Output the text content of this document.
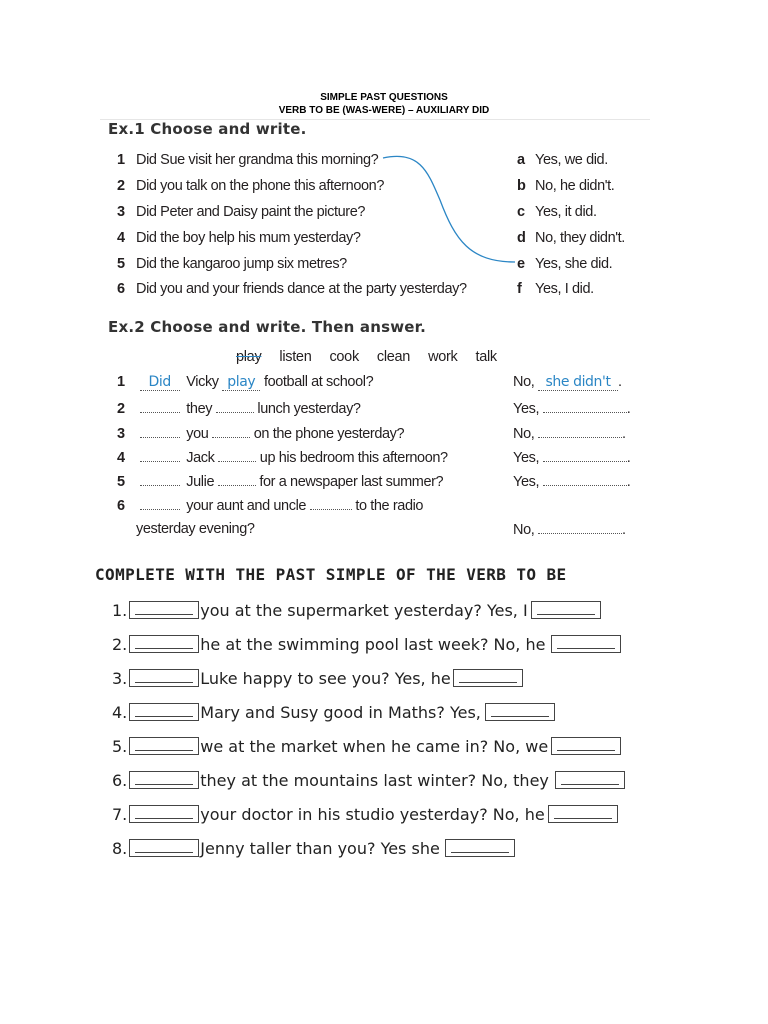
SIMPLE PAST QUESTIONS
VERB TO BE (WAS-WERE) – AUXILIARY DID
Ex.1 Choose and write.
1 Did Sue visit her grandma this morning?
2 Did you talk on the phone this afternoon?
3 Did Peter and Daisy paint the picture?
4 Did the boy help his mum yesterday?
5 Did the kangaroo jump six metres?
6 Did you and your friends dance at the party yesterday?
a Yes, we did.
b No, he didn't.
c Yes, it did.
d No, they didn't.
e Yes, she did.
f Yes, I did.
Ex.2 Choose and write. Then answer.
play listen cook clean work talk
1 Did Vicky play football at school?	No, she didn't .
2	they	lunch yesterday?	Yes,	.
3	you	on the phone yesterday?	No,	.
4	Jack	up his bedroom this afternoon?	Yes,	.
5	Julie	for a newspaper last summer?	Yes,	.
6	your aunt and uncle	to the radio
yesterday evening?	No,	.
COMPLETE WITH THE PAST SIMPLE OF THE VERB TO BE
1.	you at the supermarket yesterday? Yes, I
2.	he at the swimming pool last week? No, he
3.	Luke happy to see you? Yes, he
4.	Mary and Susy good in Maths? Yes,
5.	we at the market when he came in? No, we
6.	they at the mountains last winter? No, they
7.	your doctor in his studio yesterday? No, he
8.	Jenny taller than you? Yes she
